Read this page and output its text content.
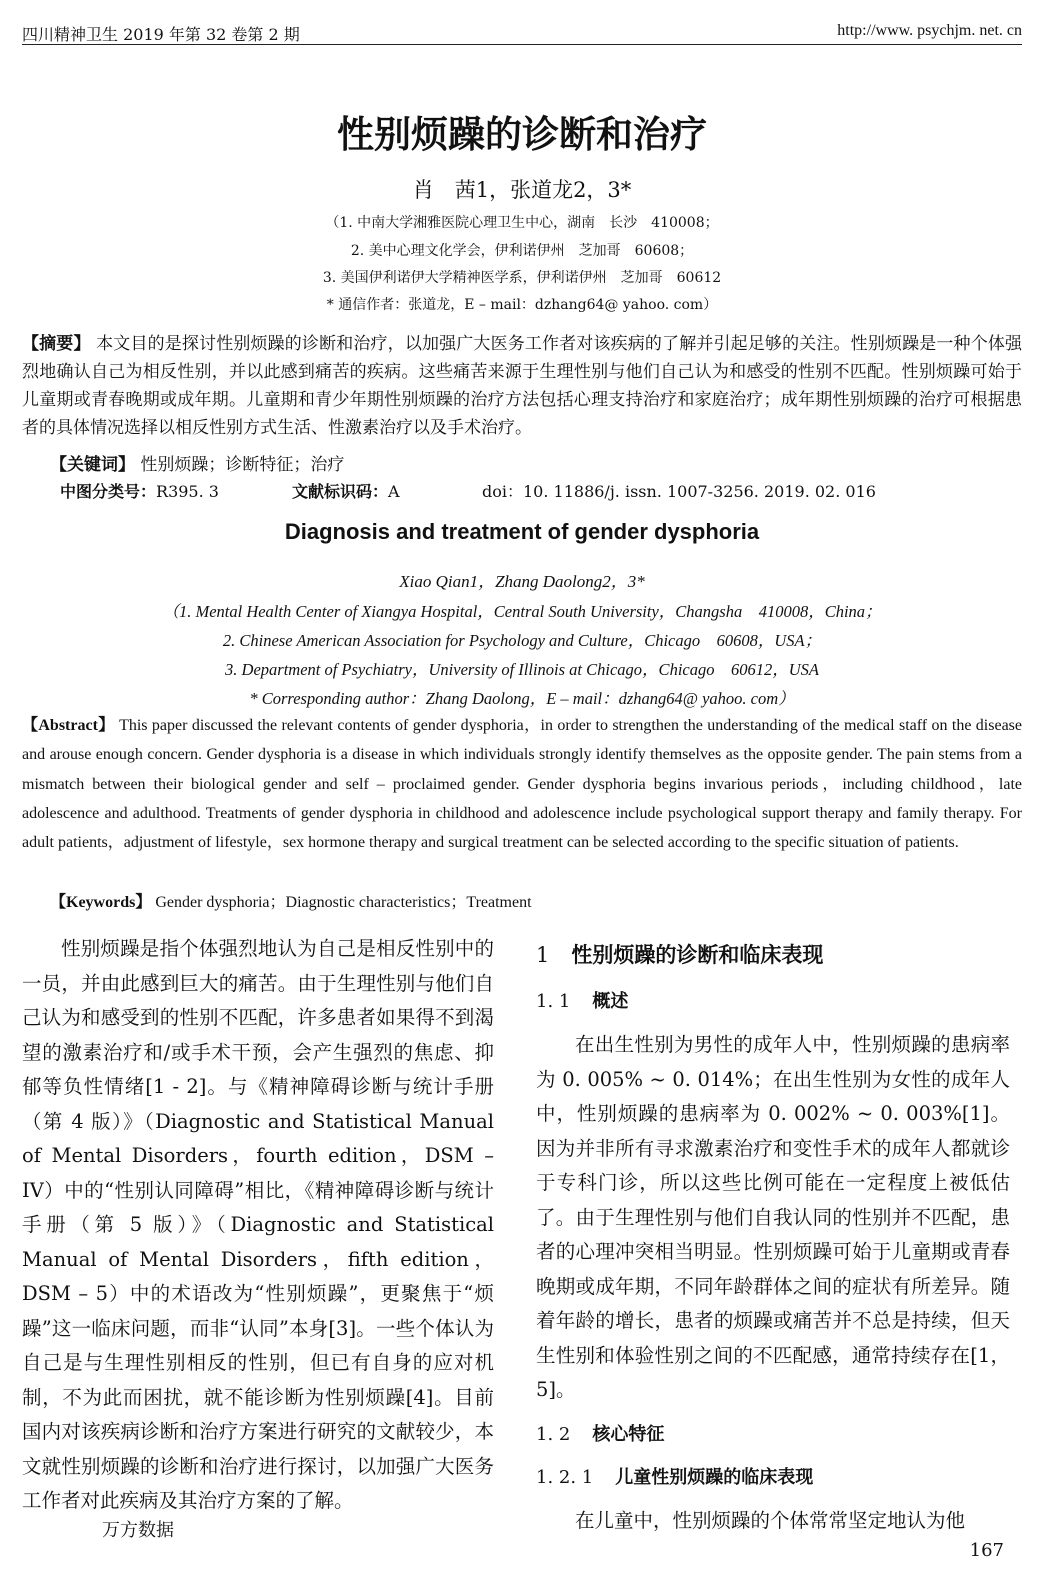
四川精神卫生 2019 年第 32 卷第 2 期	http://www. psychjm. net. cn
性别烦躁的诊断和治疗
肖　茜1，张道龙2，3*
（1. 中南大学湘雅医院心理卫生中心，湖南　长沙　410008；
2. 美中心理文化学会，伊利诺伊州　芝加哥　60608；
3. 美国伊利诺伊大学精神医学系，伊利诺伊州　芝加哥　60612
* 通信作者：张道龙，E – mail：dzhang64@ yahoo. com）
【摘要】 本文目的是探讨性别烦躁的诊断和治疗，以加强广大医务工作者对该疾病的了解并引起足够的关注。性别烦躁是一种个体强烈地确认自己为相反性别，并以此感到痛苦的疾病。这些痛苦来源于生理性别与他们自己认为和感受的性别不匹配。性别烦躁可始于儿童期或青春晚期或成年期。儿童期和青少年期性别烦躁的治疗方法包括心理支持治疗和家庭治疗；成年期性别烦躁的治疗可根据患者的具体情况选择以相反性别方式生活、性激素治疗以及手术治疗。
【关键词】 性别烦躁；诊断特征；治疗
中图分类号：R395. 3	文献标识码：A	doi：10. 11886/j. issn. 1007-3256. 2019. 02. 016
Diagnosis and treatment of gender dysphoria
Xiao Qian1，Zhang Daolong2，3*
（1. Mental Health Center of Xiangya Hospital，Central South University，Changsha　410008，China；
2. Chinese American Association for Psychology and Culture，Chicago　60608，USA；
3. Department of Psychiatry，University of Illinois at Chicago，Chicago　60612，USA
* Corresponding author：Zhang Daolong，E – mail：dzhang64@ yahoo. com）
【Abstract】 This paper discussed the relevant contents of gender dysphoria，in order to strengthen the understanding of the medical staff on the disease and arouse enough concern. Gender dysphoria is a disease in which individuals strongly identify themselves as the opposite gender. The pain stems from a mismatch between their biological gender and self – proclaimed gender. Gender dysphoria begins invarious periods，including childhood，late adolescence and adulthood. Treatments of gender dysphoria in childhood and adolescence include psychological support therapy and family therapy. For adult patients，adjustment of lifestyle，sex hormone therapy and surgical treatment can be selected according to the specific situation of patients.
【Keywords】 Gender dysphoria；Diagnostic characteristics；Treatment

性别烦躁是指个体强烈地认为自己是相反性别中的一员，并由此感到巨大的痛苦。由于生理性别与他们自己认为和感受到的性别不匹配，许多患者如果得不到渴望的激素治疗和/或手术干预，会产生强烈的焦虑、抑郁等负性情绪[1 - 2]。与《精神障碍诊断与统计手册（第 4 版）》（Diagnostic and Statistical Manual of Mental Disorders，fourth edition，DSM – IV）中的“性别认同障碍”相比，《精神障碍诊断与统计手册（第 5 版）》（Diagnostic and Statistical Manual of Mental Disorders，fifth edition，DSM – 5）中的术语改为“性别烦躁”，更聚焦于“烦躁”这一临床问题，而非“认同”本身[3]。一些个体认为自己是与生理性别相反的性别，但已有自身的应对机制，不为此而困扰，就不能诊断为性别烦躁[4]。目前国内对该疾病诊断和治疗方案进行研究的文献较少，本文就性别烦躁的诊断和治疗进行探讨，以加强广大医务工作者对此疾病及其治疗方案的了解。

1 性别烦躁的诊断和临床表现
1. 1 概述

在出生性别为男性的成年人中，性别烦躁的患病率为 0. 005% ~ 0. 014%；在出生性别为女性的成年人中，性别烦躁的患病率为 0. 002% ~ 0. 003%[1]。因为并非所有寻求激素治疗和变性手术的成年人都就诊于专科门诊，所以这些比例可能在一定程度上被低估了。由于生理性别与他们自我认同的性别并不匹配，患者的心理冲突相当明显。性别烦躁可始于儿童期或青春晚期或成年期，不同年龄群体之间的症状有所差异。随着年龄的增长，患者的烦躁或痛苦并不总是持续，但天生性别和体验性别之间的不匹配感，通常持续存在[1，5]。

1. 2 核心特征
1. 2. 1 儿童性别烦躁的临床表现

在儿童中，性别烦躁的个体常常坚定地认为他

万方数据
167
